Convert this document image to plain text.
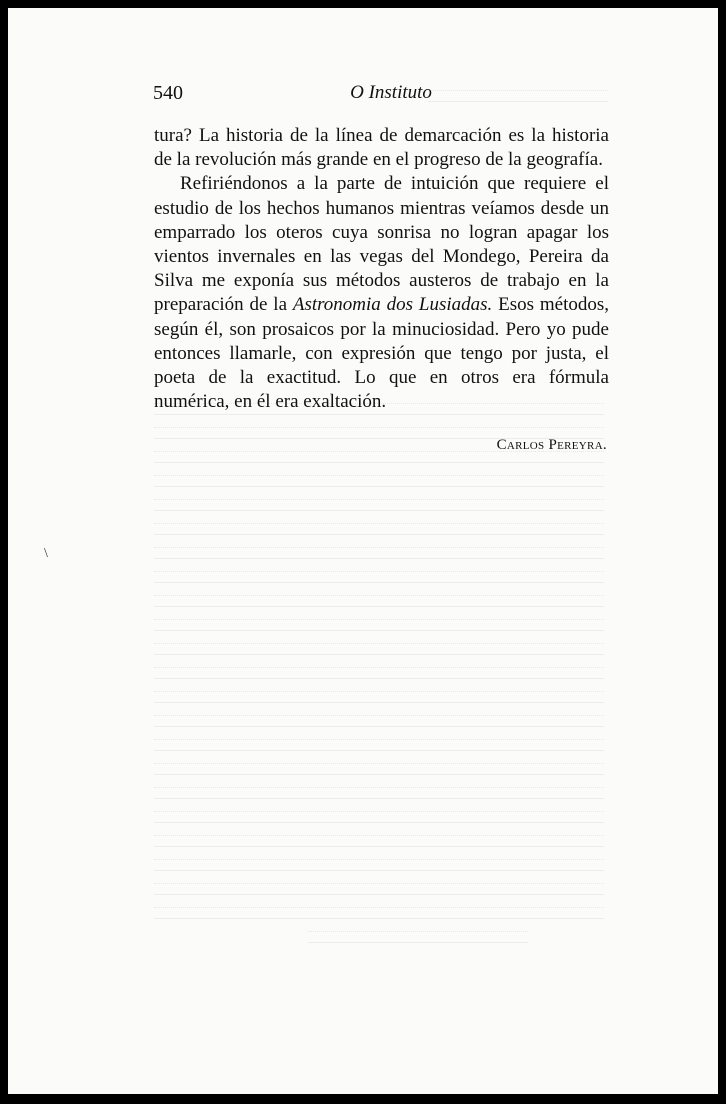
540	O Instituto

tura? La historia de la línea de demarcación es la historia de la revolución más grande en el progreso de la geografía.

Refiriéndonos a la parte de intuición que requiere el estudio de los hechos humanos mientras veíamos desde un emparrado los oteros cuya sonrisa no logran apagar los vientos invernales en las vegas del Mondego, Pereira da Silva me exponía sus métodos austeros de trabajo en la preparación de la Astronomia dos Lusiadas. Esos métodos, según él, son prosaicos por la minuciosidad. Pero yo pude entonces llamarle, con expresión que tengo por justa, el poeta de la exactitud. Lo que en otros era fórmula numérica, en él era exaltación.

Carlos Pereyra.
\
